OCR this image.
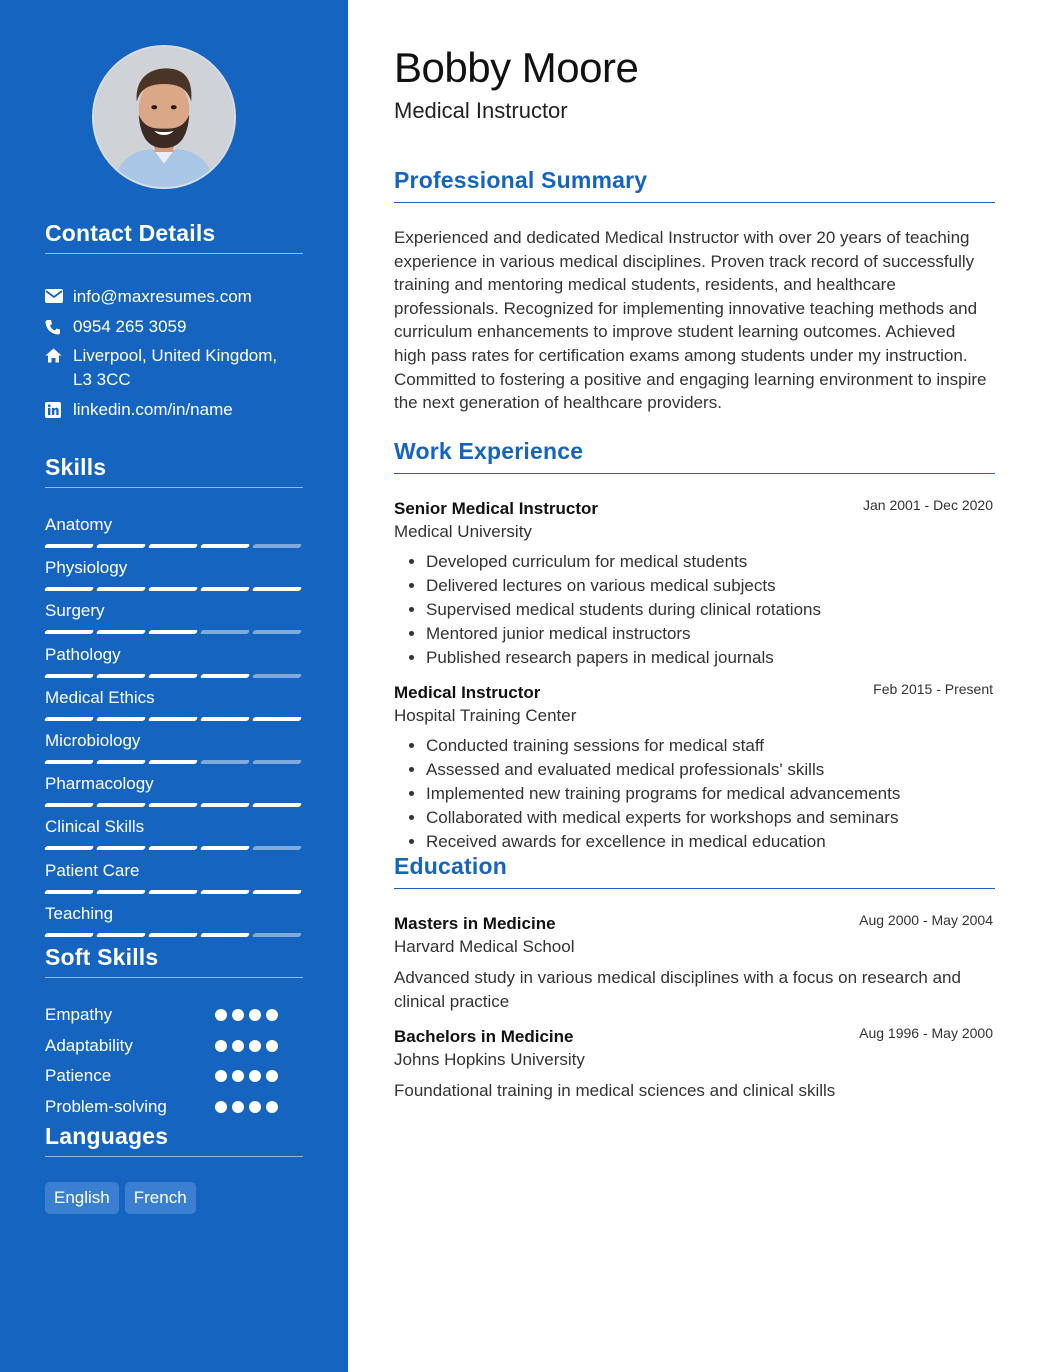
Contact Details
info@maxresumes.com
0954 265 3059
Liverpool, United Kingdom,
L3 3CC
linkedin.com/in/name
Skills
Anatomy
Physiology
Surgery
Pathology
Medical Ethics
Microbiology
Pharmacology
Clinical Skills
Patient Care
Teaching
Soft Skills
Empathy
Adaptability
Patience
Problem-solving
Languages
English	French
Bobby Moore
Medical Instructor
Professional Summary
Experienced and dedicated Medical Instructor with over 20 years of teaching experience in various medical disciplines. Proven track record of successfully training and mentoring medical students, residents, and healthcare professionals. Recognized for implementing innovative teaching methods and curriculum enhancements to improve student learning outcomes. Achieved high pass rates for certification exams among students under my instruction. Committed to fostering a positive and engaging learning environment to inspire the next generation of healthcare providers.
Work Experience
Senior Medical Instructor
Medical University
Jan 2001 - Dec 2020
• Developed curriculum for medical students
• Delivered lectures on various medical subjects
• Supervised medical students during clinical rotations
• Mentored junior medical instructors
• Published research papers in medical journals
Medical Instructor
Hospital Training Center
Feb 2015 - Present
• Conducted training sessions for medical staff
• Assessed and evaluated medical professionals' skills
• Implemented new training programs for medical advancements
• Collaborated with medical experts for workshops and seminars
• Received awards for excellence in medical education
Education
Masters in Medicine
Harvard Medical School
Aug 2000 - May 2004
Advanced study in various medical disciplines with a focus on research and clinical practice
Bachelors in Medicine
Johns Hopkins University
Aug 1996 - May 2000
Foundational training in medical sciences and clinical skills
